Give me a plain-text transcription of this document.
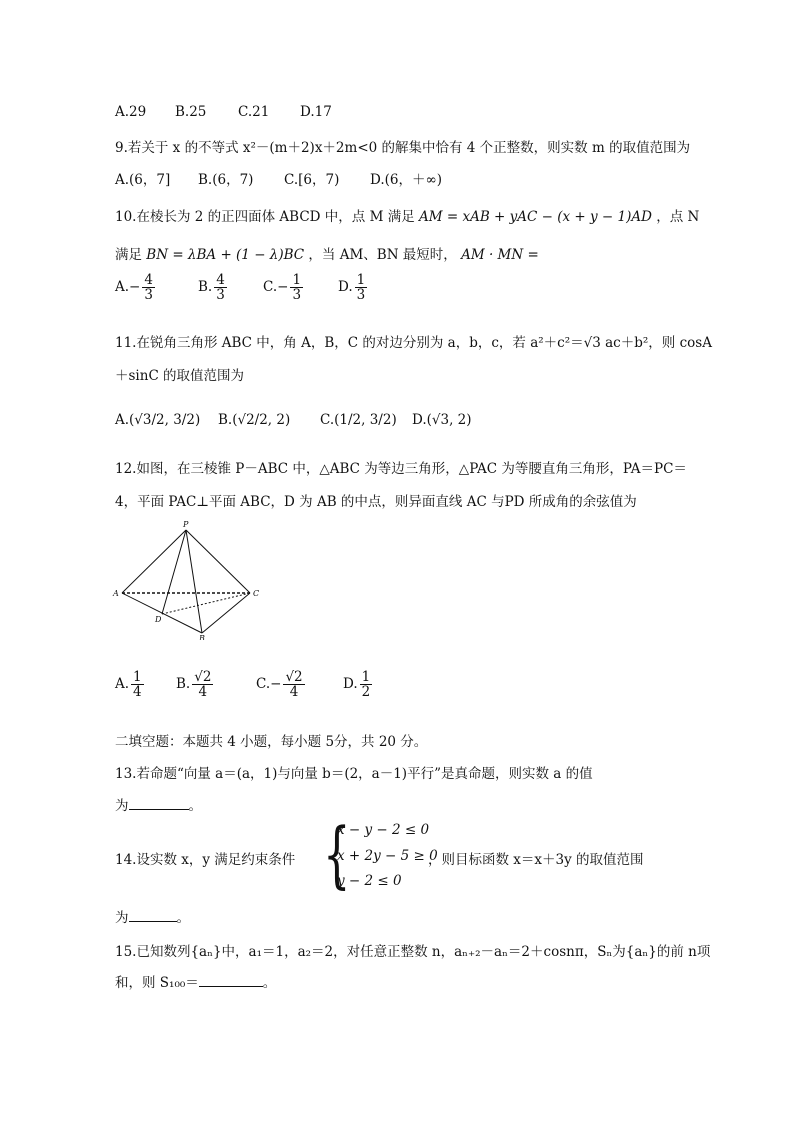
A.29 B.25 C.21 D.17
9.若关于 x 的不等式 x²－(m＋2)x＋2m<0 的解集中恰有 4 个正整数，则实数 m 的取值范围为
A.(6，7] B.(6，7) C.[6，7) D.(6，＋∞)
10.在棱长为 2 的正四面体 ABCD 中，点 M 满足 AM = xAB + yAC − (x + y − 1)AD ，点 N
满足 BN = λBA + (1 − λ)BC ，当 AM、BN 最短时， AM · MN =
$A.- \frac{4}{3}$	B. $\frac{4}{3}$	$C.- \frac{1}{3}$	D. $\frac{1}{3}$
11.在锐角三角形 ABC 中，角 A，B，C 的对边分别为 a，b，c，若 a²＋c²＝√3 ac＋b²，则 cosA
＋sinC 的取值范围为
A.(√3/2, 3/2) B.(√2/2, 2) C.(1/2, 3/2) D.(√3, 2)
12.如图，在三棱锥 P－ABC 中，△ABC 为等边三角形，△PAC 为等腰直角三角形，PA＝PC＝
4，平面 PAC⊥平面 ABC，D 为 AB 的中点，则异面直线 AC 与PD 所成角的余弦值为
P
A	C
D
B
A. $\frac{1}{4} B$. $\frac{√2}{4}$	$C.- \frac{√2}{4}$	D. $\frac{1}{2}$
二填空题：本题共 4 小题，每小题 5分，共 20 分。
13.若命题“向量 a＝(a，1)与向量 b＝(2，a－1)平行”是真命题，则实数 a 的值
为	。
14.设实数 x，y 满足约束条件 {
x − y − 2 ≤ 0
x + 2y − 5 ≥ 0
y − 2 ≤ 0
，则目标函数 x＝x＋3y 的取值范围
为	。
15.已知数列{aₙ}中，a₁＝1，a₂＝2，对任意正整数 n，aₙ₊₂－aₙ＝2＋cosnπ，Sₙ为{aₙ}的前 n项
和，则 S₁₀₀＝	。
